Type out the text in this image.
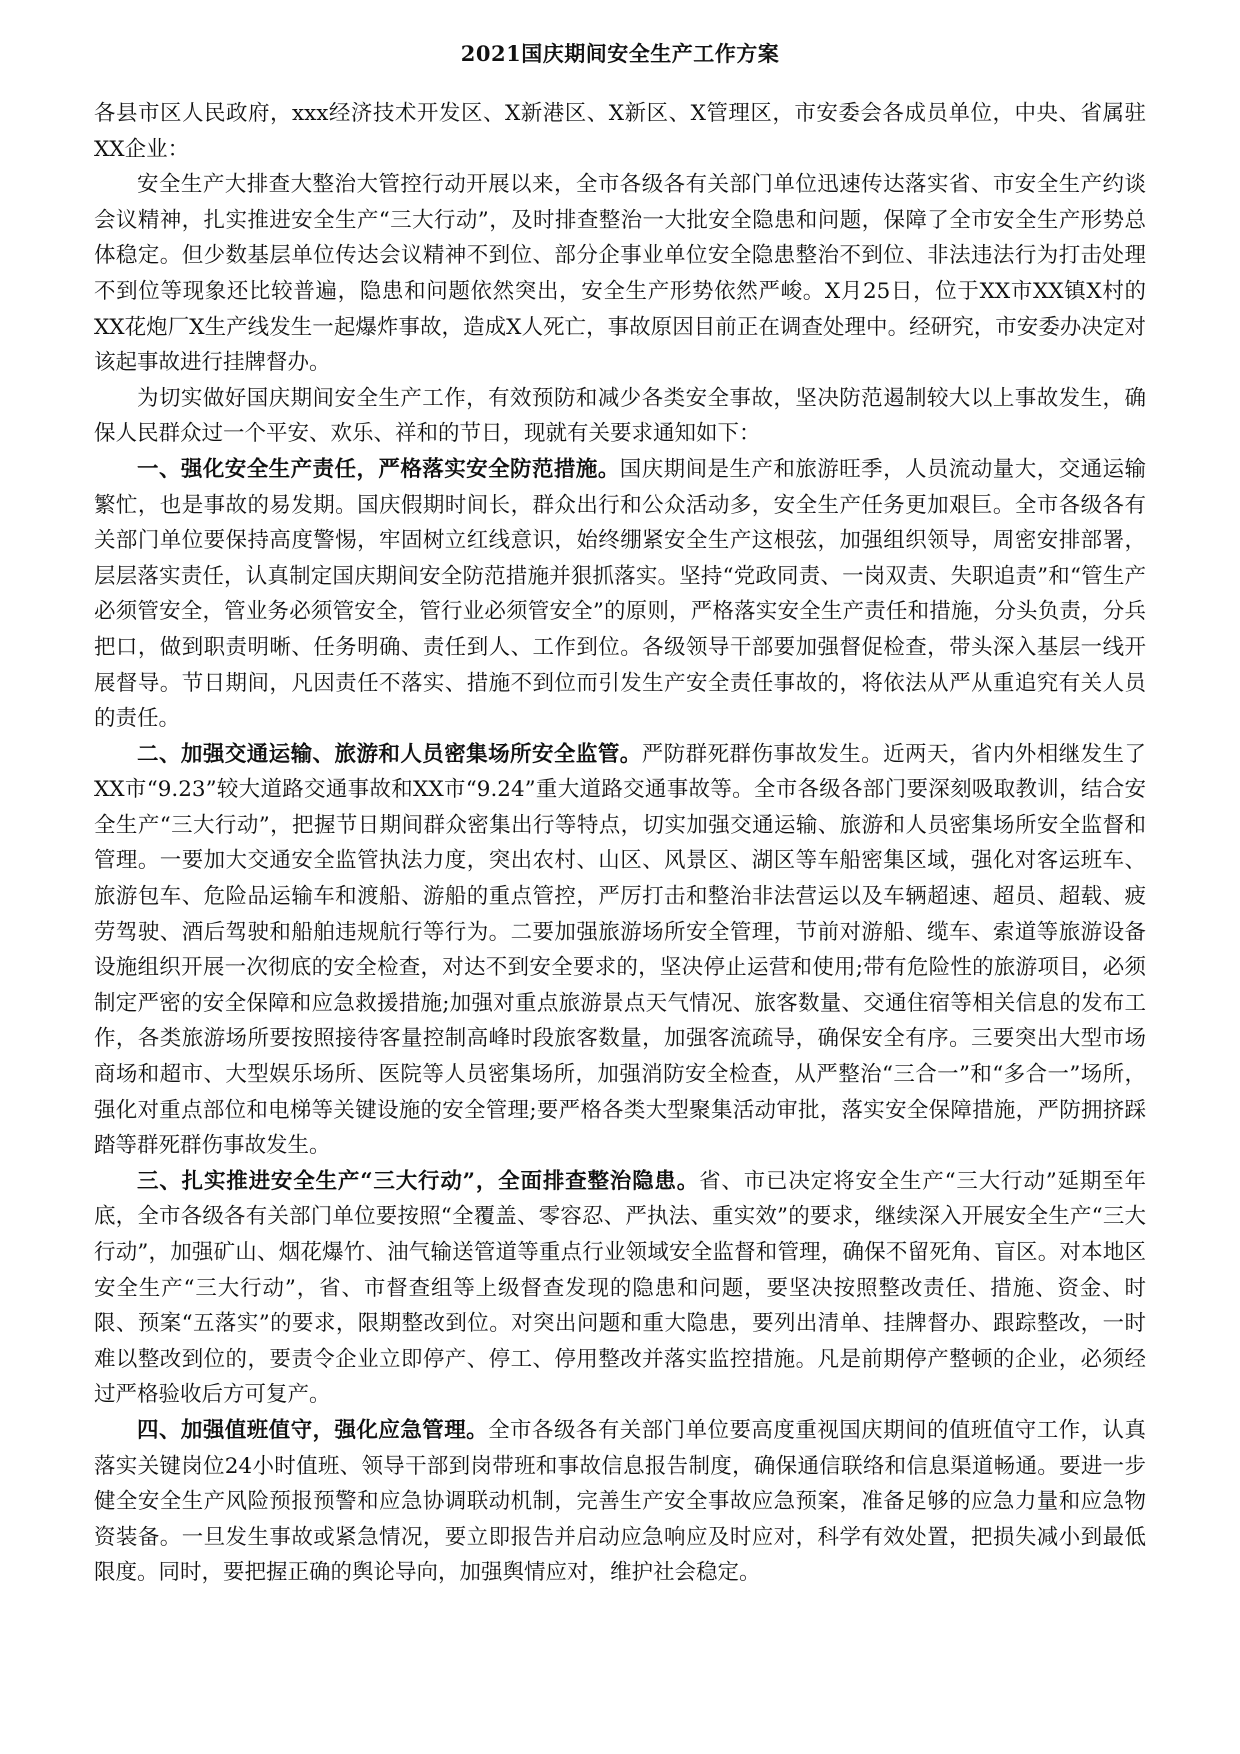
2021国庆期间安全生产工作方案

各县市区人民政府，xxx经济技术开发区、X新港区、X新区、X管理区，市安委会各成员单位，中央、省属驻XX企业：

安全生产大排查大整治大管控行动开展以来，全市各级各有关部门单位迅速传达落实省、市安全生产约谈会议精神，扎实推进安全生产“三大行动”，及时排查整治一大批安全隐患和问题，保障了全市安全生产形势总体稳定。但少数基层单位传达会议精神不到位、部分企事业单位安全隐患整治不到位、非法违法行为打击处理不到位等现象还比较普遍，隐患和问题依然突出，安全生产形势依然严峻。X月25日，位于XX市XX镇X村的XX花炮厂X生产线发生一起爆炸事故，造成X人死亡，事故原因目前正在调查处理中。经研究，市安委办决定对该起事故进行挂牌督办。

为切实做好国庆期间安全生产工作，有效预防和减少各类安全事故，坚决防范遏制较大以上事故发生，确保人民群众过一个平安、欢乐、祥和的节日，现就有关要求通知如下：

一、强化安全生产责任，严格落实安全防范措施。国庆期间是生产和旅游旺季，人员流动量大，交通运输繁忙，也是事故的易发期。国庆假期时间长，群众出行和公众活动多，安全生产任务更加艰巨。全市各级各有关部门单位要保持高度警惕，牢固树立红线意识，始终绷紧安全生产这根弦，加强组织领导，周密安排部署，层层落实责任，认真制定国庆期间安全防范措施并狠抓落实。坚持“党政同责、一岗双责、失职追责”和“管生产必须管安全，管业务必须管安全，管行业必须管安全”的原则，严格落实安全生产责任和措施，分头负责，分兵把口，做到职责明晰、任务明确、责任到人、工作到位。各级领导干部要加强督促检查，带头深入基层一线开展督导。节日期间，凡因责任不落实、措施不到位而引发生产安全责任事故的，将依法从严从重追究有关人员的责任。

二、加强交通运输、旅游和人员密集场所安全监管。严防群死群伤事故发生。近两天，省内外相继发生了XX市“9.23”较大道路交通事故和XX市“9.24”重大道路交通事故等。全市各级各部门要深刻吸取教训，结合安全生产“三大行动”，把握节日期间群众密集出行等特点，切实加强交通运输、旅游和人员密集场所安全监督和管理。一要加大交通安全监管执法力度，突出农村、山区、风景区、湖区等车船密集区域，强化对客运班车、旅游包车、危险品运输车和渡船、游船的重点管控，严厉打击和整治非法营运以及车辆超速、超员、超载、疲劳驾驶、酒后驾驶和船舶违规航行等行为。二要加强旅游场所安全管理，节前对游船、缆车、索道等旅游设备设施组织开展一次彻底的安全检查，对达不到安全要求的，坚决停止运营和使用;带有危险性的旅游项目，必须制定严密的安全保障和应急救援措施;加强对重点旅游景点天气情况、旅客数量、交通住宿等相关信息的发布工作，各类旅游场所要按照接待客量控制高峰时段旅客数量，加强客流疏导，确保安全有序。三要突出大型市场商场和超市、大型娱乐场所、医院等人员密集场所，加强消防安全检查，从严整治“三合一”和“多合一”场所，强化对重点部位和电梯等关键设施的安全管理;要严格各类大型聚集活动审批，落实安全保障措施，严防拥挤踩踏等群死群伤事故发生。

三、扎实推进安全生产“三大行动”，全面排查整治隐患。省、市已决定将安全生产“三大行动”延期至年底，全市各级各有关部门单位要按照“全覆盖、零容忍、严执法、重实效”的要求，继续深入开展安全生产“三大行动”，加强矿山、烟花爆竹、油气输送管道等重点行业领域安全监督和管理，确保不留死角、盲区。对本地区安全生产“三大行动”，省、市督查组等上级督查发现的隐患和问题，要坚决按照整改责任、措施、资金、时限、预案“五落实”的要求，限期整改到位。对突出问题和重大隐患，要列出清单、挂牌督办、跟踪整改，一时难以整改到位的，要责令企业立即停产、停工、停用整改并落实监控措施。凡是前期停产整顿的企业，必须经过严格验收后方可复产。

四、加强值班值守，强化应急管理。全市各级各有关部门单位要高度重视国庆期间的值班值守工作，认真落实关键岗位24小时值班、领导干部到岗带班和事故信息报告制度，确保通信联络和信息渠道畅通。要进一步健全安全生产风险预报预警和应急协调联动机制，完善生产安全事故应急预案，准备足够的应急力量和应急物资装备。一旦发生事故或紧急情况，要立即报告并启动应急响应及时应对，科学有效处置，把损失减小到最低限度。同时，要把握正确的舆论导向，加强舆情应对，维护社会稳定。
